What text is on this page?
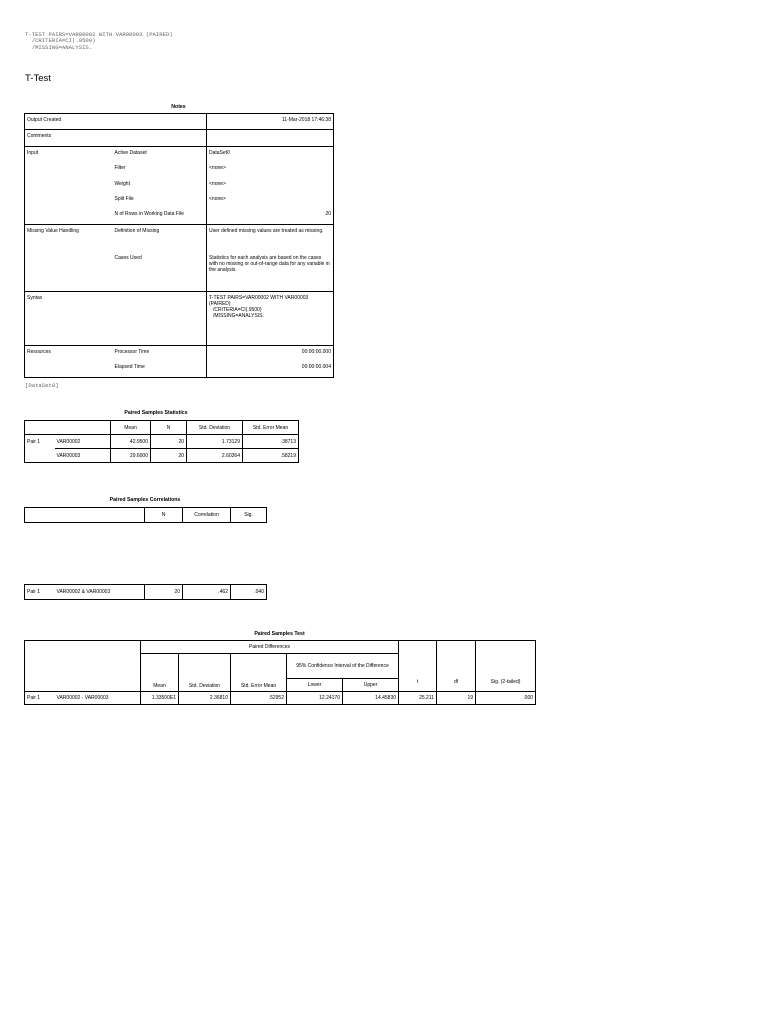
T-TEST PAIRS=VAR00002 WITH VAR00003 (PAIRED)
/CRITERIA=CI(.9500)
/MISSING=ANALYSIS.
T-Test
Notes
Output Created		11-Mar-2018 17:46:38
Comments		
Input	Active Dataset	DataSet0
	Filter	<none>
	Weight	<none>
	Split File	<none>
	N of Rows in Working Data File	20
Missing Value Handling	Definition of Missing	User defined missing values are treated as missing.
	Cases Used	Statistics for each analysis are based on the cases with no missing or out-of-range data for any variable in the analysis.
Syntax		T-TEST PAIRS=VAR00002 WITH VAR00003 (PAIRED)
/CRITERIA=CI(.9500)
/MISSING=ANALYSIS.

Resources	Processor Time	00:00:00.000
	Elapsed Time	00:00:00.004
[DataSet0]
Paired Samples Statistics
		Mean	N	Std. Deviation	Std. Error Mean
Pair 1	VAR00002	42.9500	20	1.73129	.38713
	VAR00003	29.6000	20	2.60364	.58219
Paired Samples Correlations
	N	Correlation	Sig.
Pair 1	VAR00002 & VAR00003	20	.462	.040
Paired Samples Test
		Paired Differences							
		Mean	Std. Deviation	Std. Error Mean	95% Confidence Interval of the Difference				
					Lower	Upper	t	df	Sig. (2-tailed)
Pair 1	VAR00002 - VAR00003	1.33500E1	2.36810	.52952	12.24170	14.45830	25.211	19	.000
